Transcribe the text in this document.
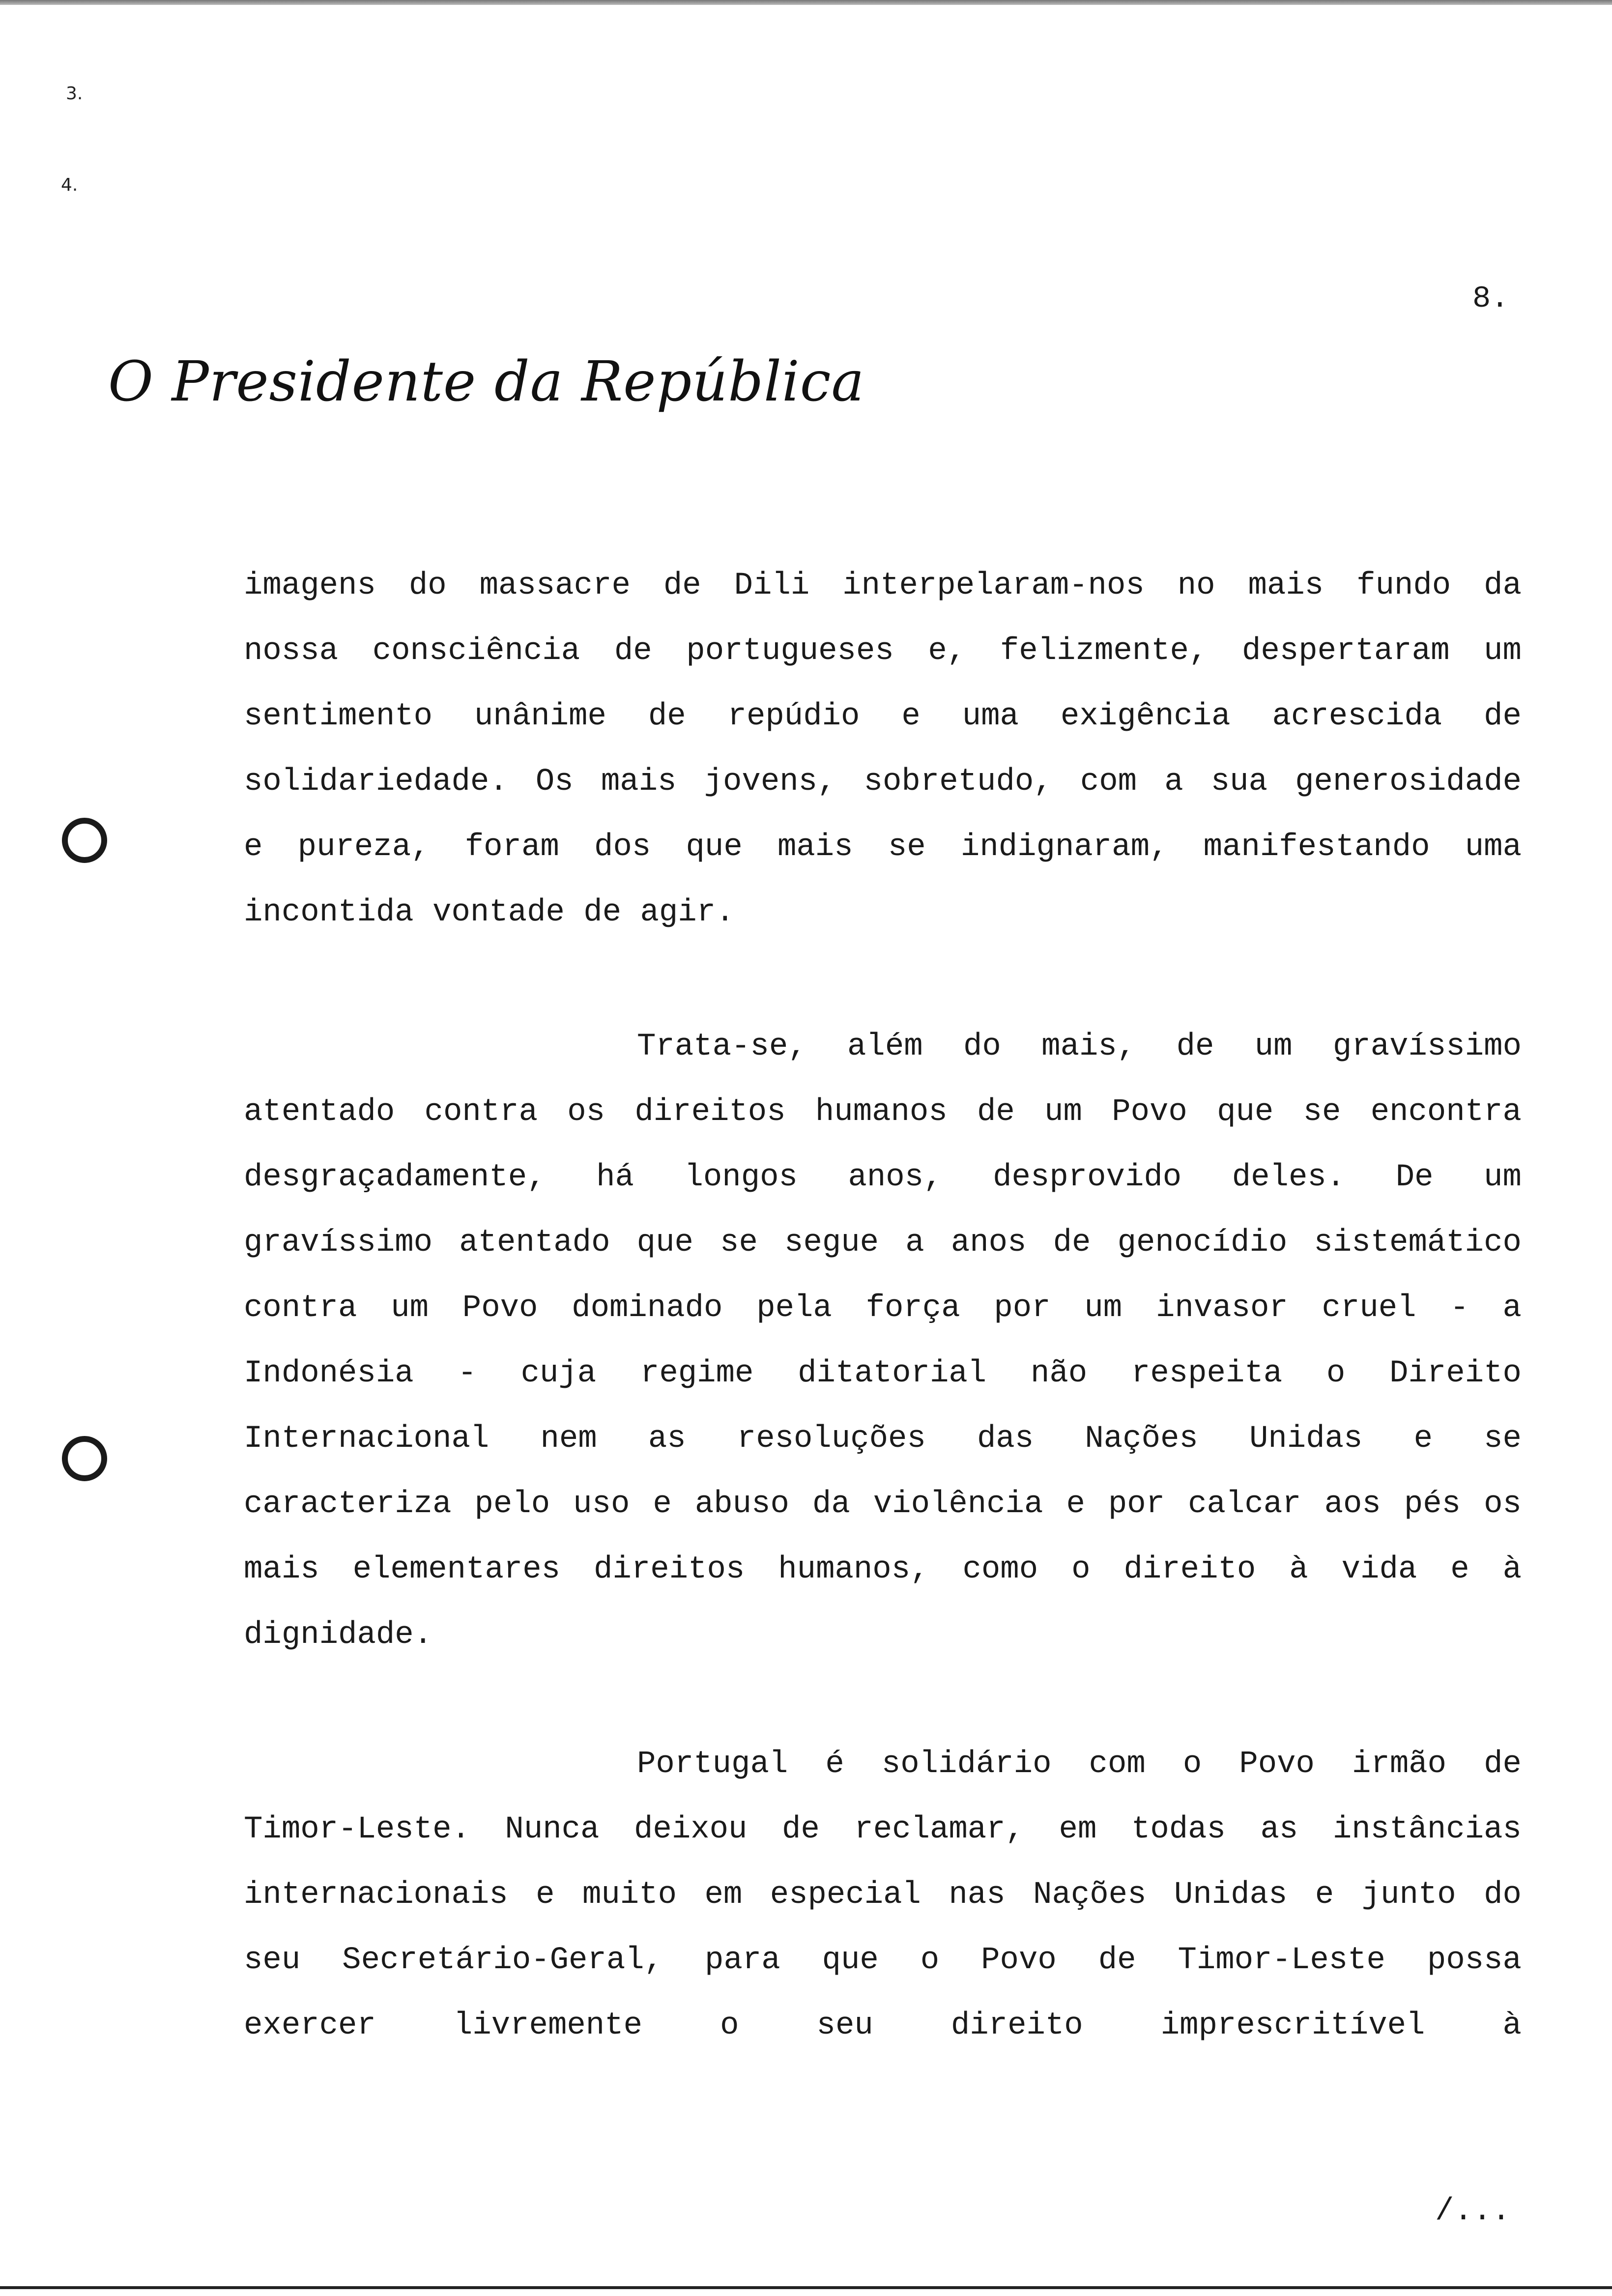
3.
4.
8.
O Presidente da República
imagens do massacre de Dili interpelaram-nos no mais fundo da
nossa consciência de portugueses e, felizmente, despertaram um
sentimento unânime de repúdio e uma exigência acrescida de
solidariedade. Os mais jovens, sobretudo, com a sua generosidade
e pureza, foram dos que mais se indignaram, manifestando uma
incontida vontade de agir.
Trata-se, além do mais, de um gravíssimo
atentado contra os direitos humanos de um Povo que se encontra
desgraçadamente, há longos anos, desprovido deles. De um
gravíssimo atentado que se segue a anos de genocídio sistemático
contra um Povo dominado pela força por um invasor cruel - a
Indonésia - cuja regime ditatorial não respeita o Direito
Internacional nem as resoluções das Nações Unidas e se
caracteriza pelo uso e abuso da violência e por calcar aos pés os
mais elementares direitos humanos, como o direito à vida e à
dignidade.
Portugal é solidário com o Povo irmão de
Timor-Leste. Nunca deixou de reclamar, em todas as instâncias
internacionais e muito em especial nas Nações Unidas e junto do
seu Secretário-Geral, para que o Povo de Timor-Leste possa
exercer livremente o seu direito imprescritível à
/...
